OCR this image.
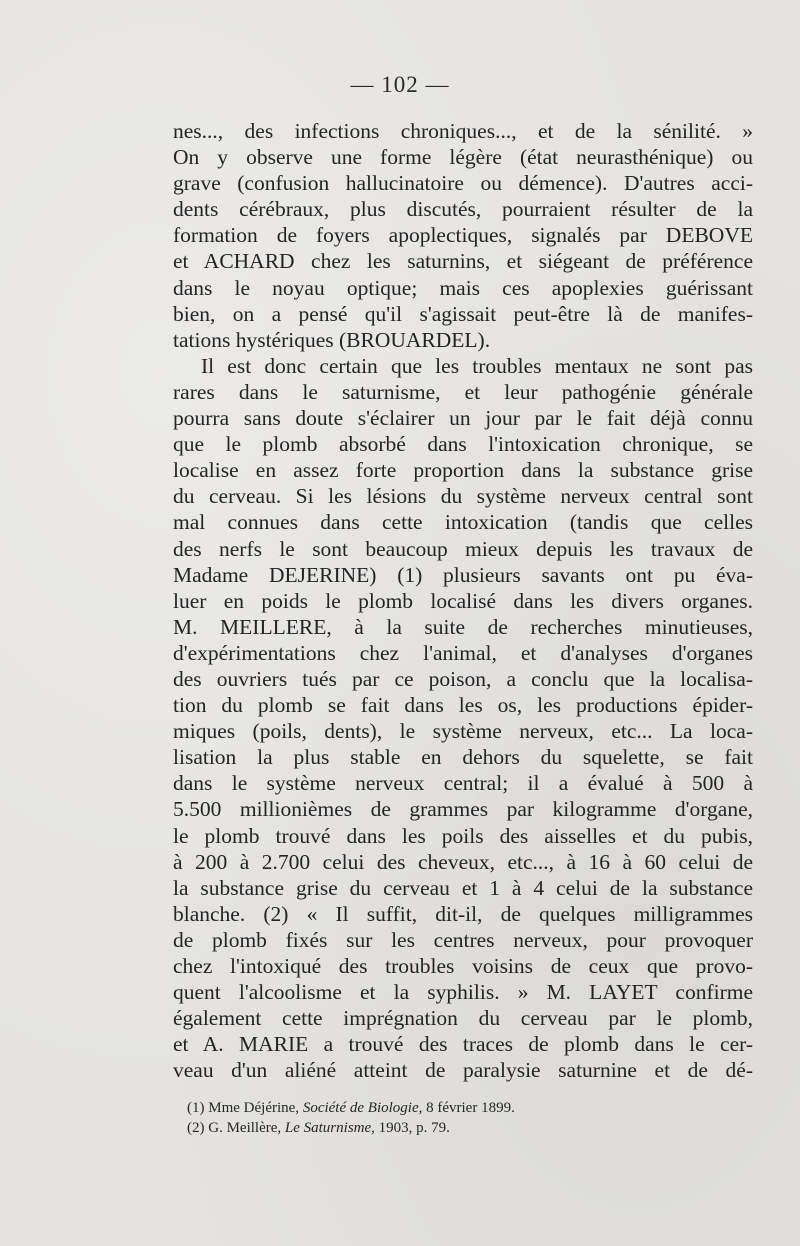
— 102 —
nes..., des infections chroniques..., et de la sénilité. »
On y observe une forme légère (état neurasthénique) ou
grave (confusion hallucinatoire ou démence). D'autres acci-
dents cérébraux, plus discutés, pourraient résulter de la
formation de foyers apoplectiques, signalés par DEBOVE
et ACHARD chez les saturnins, et siégeant de préférence
dans le noyau optique; mais ces apoplexies guérissant
bien, on a pensé qu'il s'agissait peut-être là de manifes-
tations hystériques (BROUARDEL).
Il est donc certain que les troubles mentaux ne sont pas
rares dans le saturnisme, et leur pathogénie générale
pourra sans doute s'éclairer un jour par le fait déjà connu
que le plomb absorbé dans l'intoxication chronique, se
localise en assez forte proportion dans la substance grise
du cerveau. Si les lésions du système nerveux central sont
mal connues dans cette intoxication (tandis que celles
des nerfs le sont beaucoup mieux depuis les travaux de
Madame DEJERINE) (1) plusieurs savants ont pu éva-
luer en poids le plomb localisé dans les divers organes.
M. MEILLERE, à la suite de recherches minutieuses,
d'expérimentations chez l'animal, et d'analyses d'organes
des ouvriers tués par ce poison, a conclu que la localisa-
tion du plomb se fait dans les os, les productions épider-
miques (poils, dents), le système nerveux, etc... La loca-
lisation la plus stable en dehors du squelette, se fait
dans le système nerveux central; il a évalué à 500 à
5.500 millionièmes de grammes par kilogramme d'organe,
le plomb trouvé dans les poils des aisselles et du pubis,
à 200 à 2.700 celui des cheveux, etc..., à 16 à 60 celui de
la substance grise du cerveau et 1 à 4 celui de la substance
blanche. (2) « Il suffit, dit-il, de quelques milligrammes
de plomb fixés sur les centres nerveux, pour provoquer
chez l'intoxiqué des troubles voisins de ceux que provo-
quent l'alcoolisme et la syphilis. » M. LAYET confirme
également cette imprégnation du cerveau par le plomb,
et A. MARIE a trouvé des traces de plomb dans le cer-
veau d'un aliéné atteint de paralysie saturnine et de dé-
(1) Mme Déjérine, Société de Biologie, 8 février 1899.
(2) G. Meillère, Le Saturnisme, 1903, p. 79.
